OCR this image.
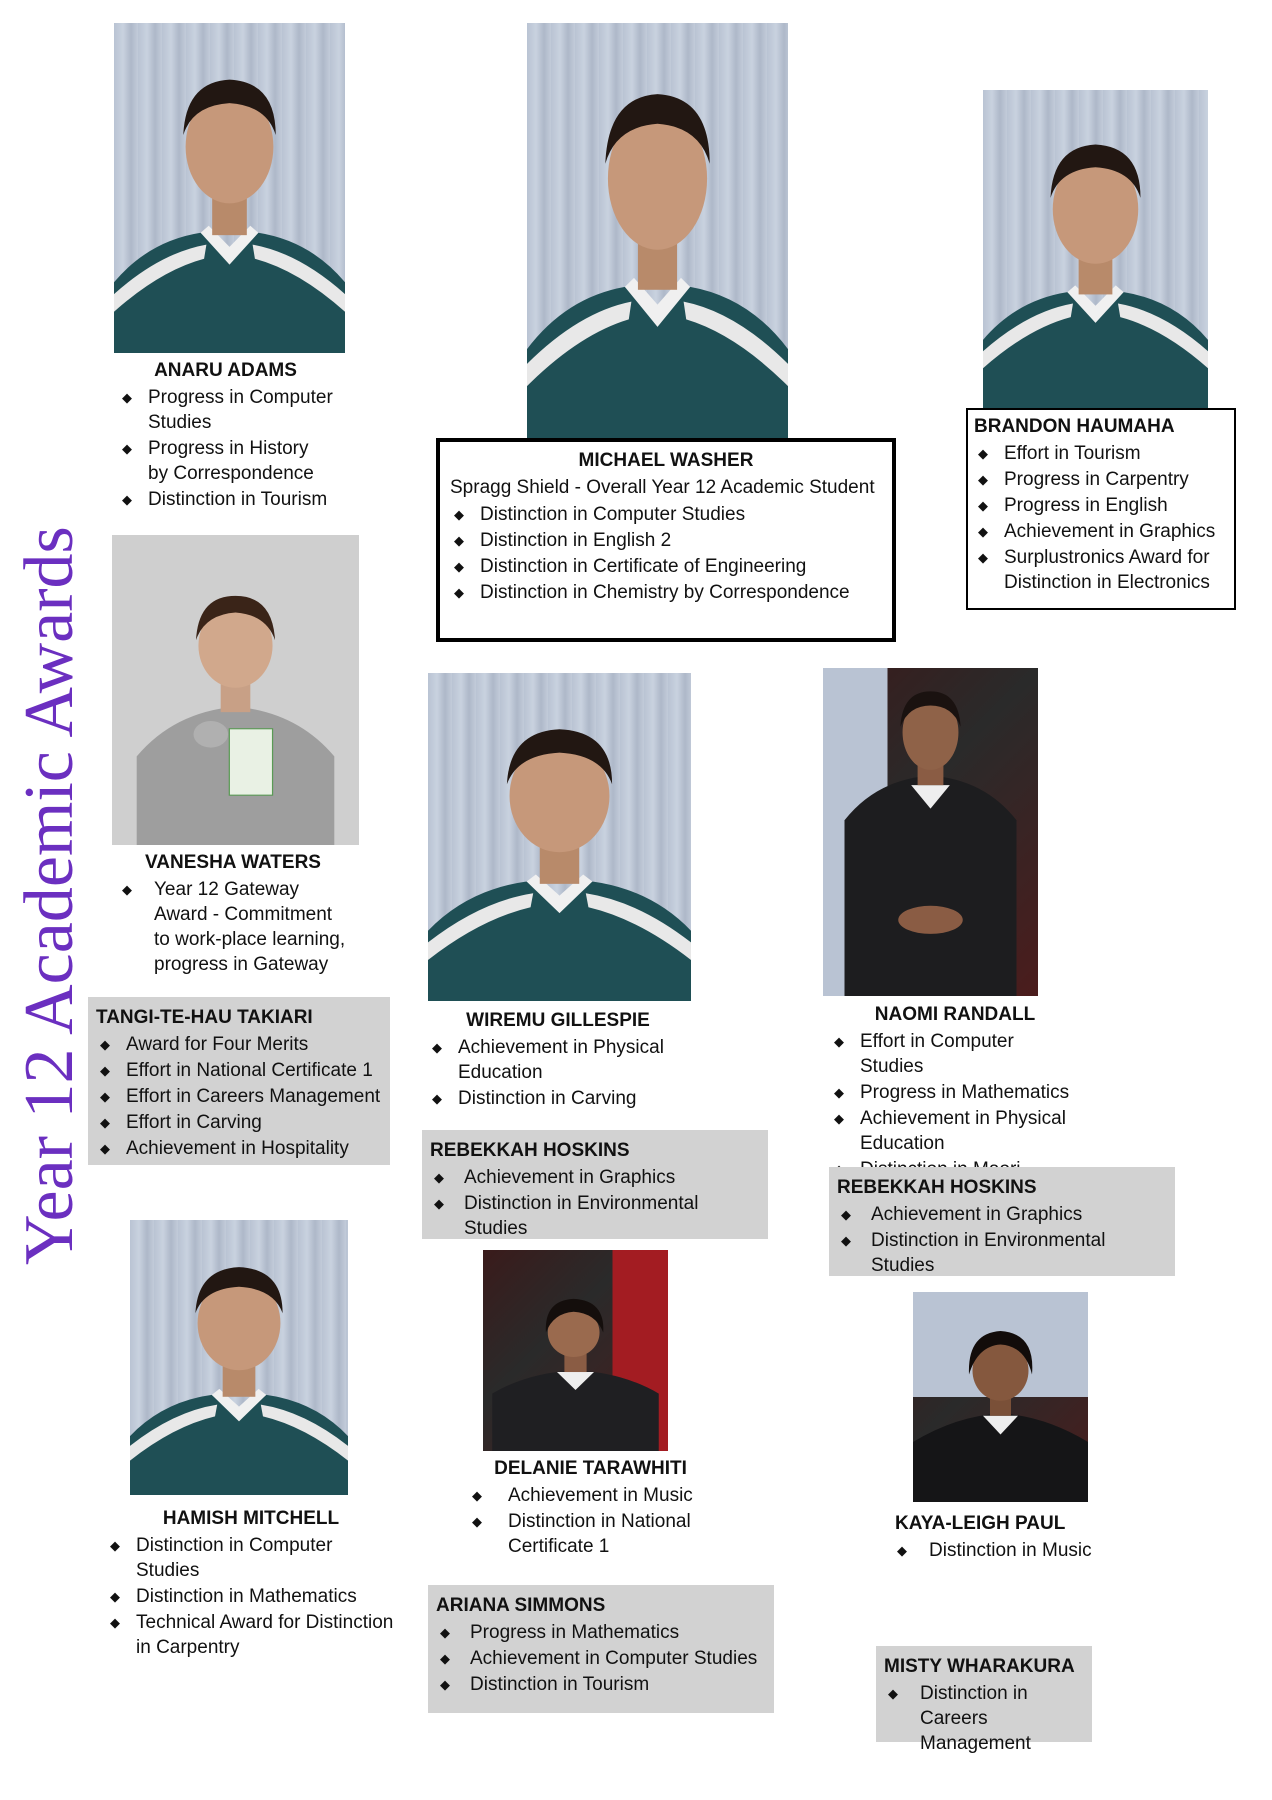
Year 12 Academic Awards
ANARU ADAMS
◆ Progress in Computer Studies
◆ Progress in History by Correspondence
◆ Distinction in Tourism
MICHAEL WASHER
Spragg Shield - Overall Year 12 Academic Student
◆ Distinction in Computer Studies
◆ Distinction in English 2
◆ Distinction in Certificate of Engineering
◆ Distinction in Chemistry by Correspondence
BRANDON HAUMAHA
◆ Effort in Tourism
◆ Progress in Carpentry
◆ Progress in English
◆ Achievement in Graphics
◆ Surplustronics Award for Distinction in Electronics
VANESHA WATERS
◆ Year 12 Gateway Award - Commitment to work-place learning, progress in Gateway
TANGI-TE-HAU TAKIARI
◆ Award for Four Merits
◆ Effort in National Certificate 1
◆ Effort in Careers Management
◆ Effort in Carving
◆ Achievement in Hospitality
WIREMU GILLESPIE
◆ Achievement in Physical Education
◆ Distinction in Carving
REBEKKAH HOSKINS
◆ Achievement in Graphics
◆ Distinction in Environmental Studies
NAOMI RANDALL
◆ Effort in Computer Studies
◆ Progress in Mathematics
◆ Achievement in Physical Education
◆
REBEKKAH HOSKINS
◆ Achievement in Graphics
◆ Distinction in Environmental Studies
HAMISH MITCHELL
◆ Distinction in Computer Studies
◆ Distinction in Mathematics
◆ Technical Award for Distinction in Carpentry
DELANIE TARAWHITI
◆ Achievement in Music
◆ Distinction in National Certificate 1
ARIANA SIMMONS
◆ Progress in Mathematics
◆ Achievement in Computer Studies
◆ Distinction in Tourism
KAYA-LEIGH PAUL
◆ Distinction in Music
MISTY WHARAKURA
◆ Distinction in Careers Management
